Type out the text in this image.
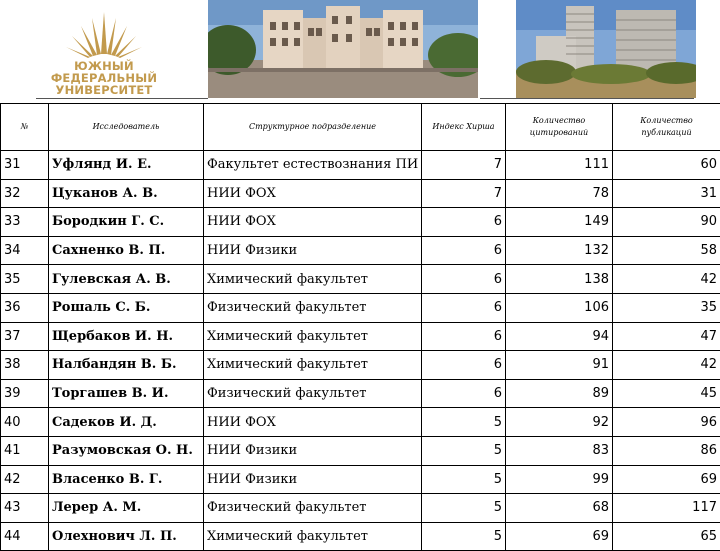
ЮЖНЫЙ
ФЕДЕРАЛЬНЫЙ
УНИВЕРСИТЕТ
№	Исследователь	Структурное подразделение	Индекс Хирша	Количество цитирований	Количество публикаций
31	Уфлянд И. Е.	Факультет естествознания ПИ	7	111	60
32	Цуканов А. В.	НИИ ФОХ	7	78	31
33	Бородкин Г. С.	НИИ ФОХ	6	149	90
34	Сахненко В. П.	НИИ Физики	6	132	58
35	Гулевская А. В.	Химический факультет	6	138	42
36	Рошаль С. Б.	Физический факультет	6	106	35
37	Щербаков И. Н.	Химический факультет	6	94	47
38	Налбандян В. Б.	Химический факультет	6	91	42
39	Торгашев В. И.	Физический факультет	6	89	45
40	Садеков И. Д.	НИИ ФОХ	5	92	96
41	Разумовская О. Н.	НИИ Физики	5	83	86
42	Власенко В. Г.	НИИ Физики	5	99	69
43	Лерер А. М.	Физический факультет	5	68	117
44	Олехнович Л. П.	Химический факультет	5	69	65
